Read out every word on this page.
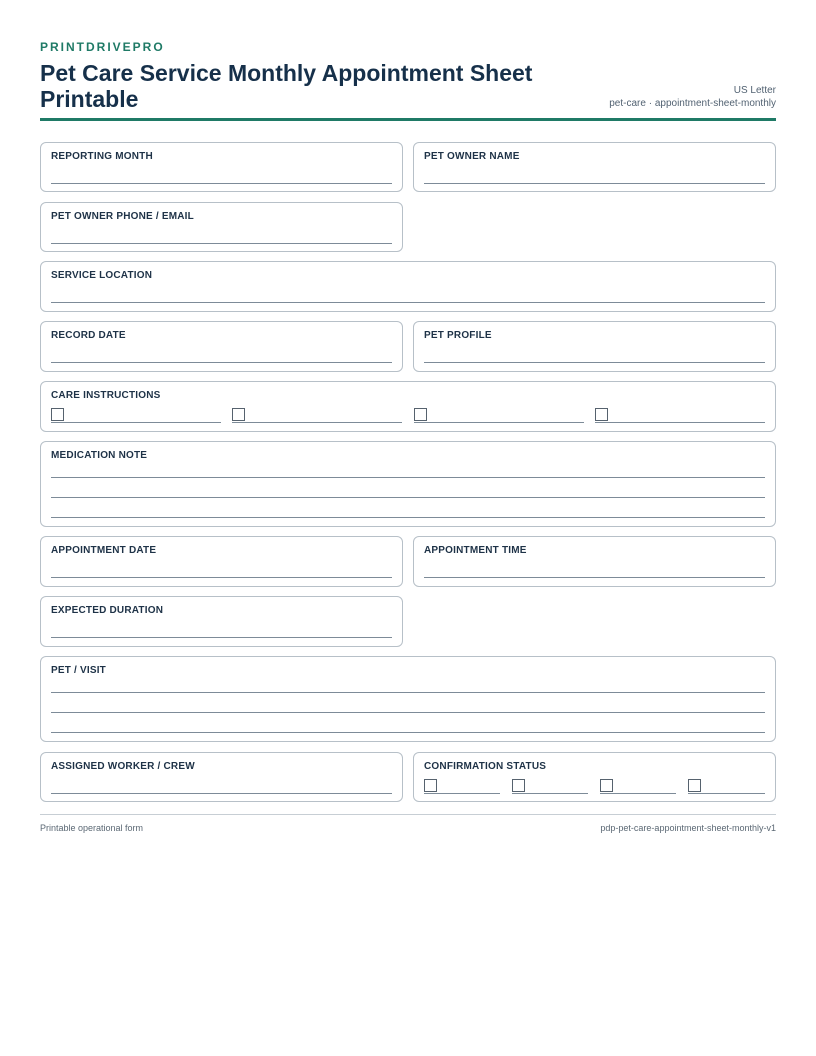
PRINTDRIVEPRO
Pet Care Service Monthly Appointment Sheet Printable	US Letter
pet-care · appointment-sheet-monthly
REPORTING MONTH	PET OWNER NAME
PET OWNER PHONE / EMAIL
SERVICE LOCATION
RECORD DATE	PET PROFILE
CARE INSTRUCTIONS
MEDICATION NOTE
APPOINTMENT DATE	APPOINTMENT TIME
EXPECTED DURATION
PET / VISIT
ASSIGNED WORKER / CREW	CONFIRMATION STATUS
Printable operational form	pdp-pet-care-appointment-sheet-monthly-v1
